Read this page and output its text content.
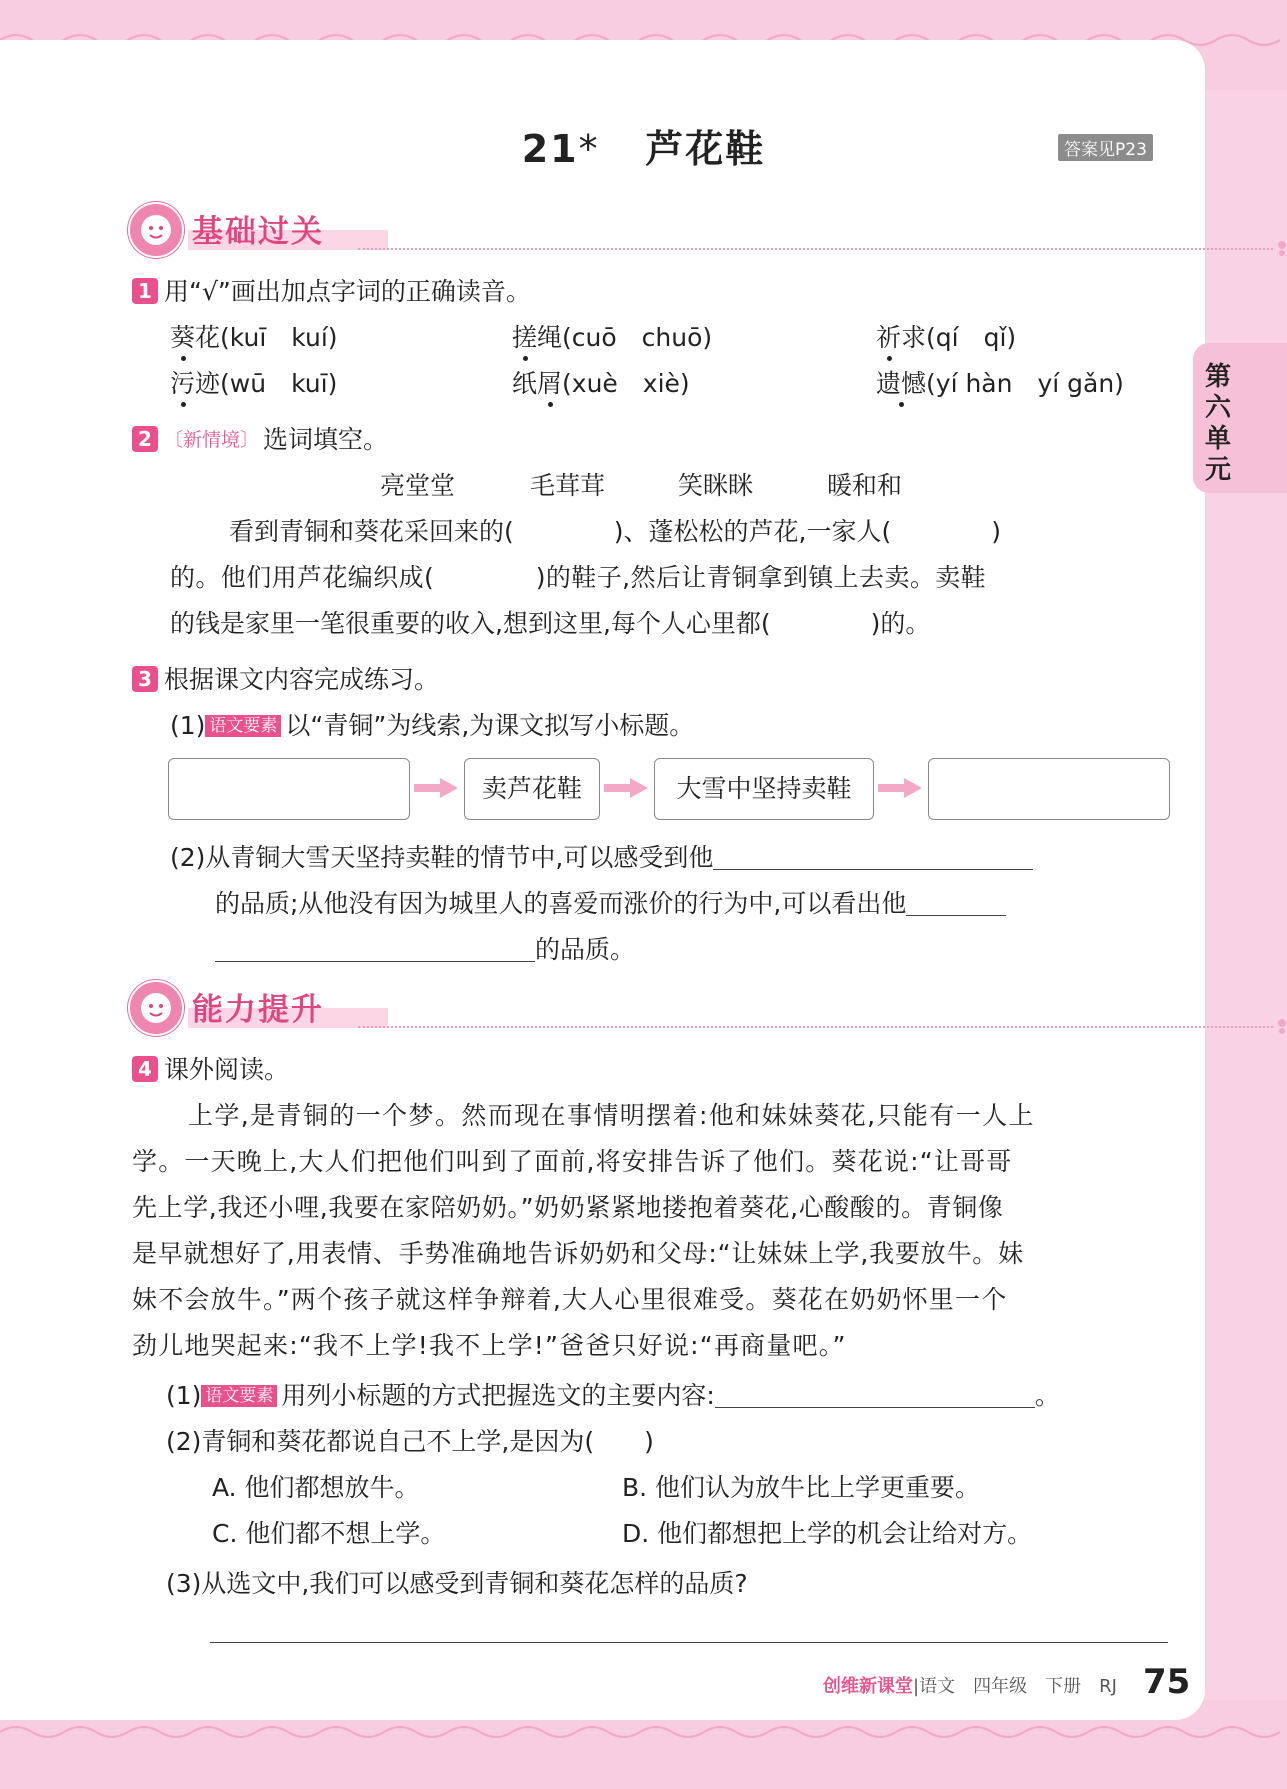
21* 芦花鞋	答案见P23
第六单元
基础过关
1 用“√”画出加点字词的正确读音。
葵花(kuī　kuí)	搓绳(cuō　chuō)	祈求(qí　qǐ)
污迹(wū　kuī)	纸屑(xuè　xiè)	遗憾(yí hàn　yí gǎn)
2 〔新情境〕 选词填空。
亮堂堂	毛茸茸	笑眯眯	暖和和
看到青铜和葵花采回来的(　　　　)、蓬松松的芦花,一家人(　　　　)
的。他们用芦花编织成(　　　　)的鞋子,然后让青铜拿到镇上去卖。卖鞋
的钱是家里一笔很重要的收入,想到这里,每个人心里都(　　　　)的。
3 根据课文内容完成练习。
(1) 语文要素 以“青铜”为线索,为课文拟写小标题。
卖芦花鞋	大雪中坚持卖鞋
(2)从青铜大雪天坚持卖鞋的情节中,可以感受到他
的品质;从他没有因为城里人的喜爱而涨价的行为中,可以看出他
的品质。
能力提升
4 课外阅读。
上学,是青铜的一个梦。然而现在事情明摆着:他和妹妹葵花,只能有一人上
学。一天晚上,大人们把他们叫到了面前,将安排告诉了他们。葵花说:“让哥哥
先上学,我还小哩,我要在家陪奶奶。”奶奶紧紧地搂抱着葵花,心酸酸的。青铜像
是早就想好了,用表情、手势准确地告诉奶奶和父母:“让妹妹上学,我要放牛。妹
妹不会放牛。”两个孩子就这样争辩着,大人心里很难受。葵花在奶奶怀里一个
劲儿地哭起来:“我不上学!我不上学!”爸爸只好说:“再商量吧。”
(1) 语文要素 用列小标题的方式把握选文的主要内容:	。
(2)青铜和葵花都说自己不上学,是因为(　　)
A. 他们都想放牛。	B. 他们认为放牛比上学更重要。
C. 他们都不想上学。	D. 他们都想把上学的机会让给对方。
(3)从选文中,我们可以感受到青铜和葵花怎样的品质?
创维新课堂|语文　四年级　下册　RJ 75
